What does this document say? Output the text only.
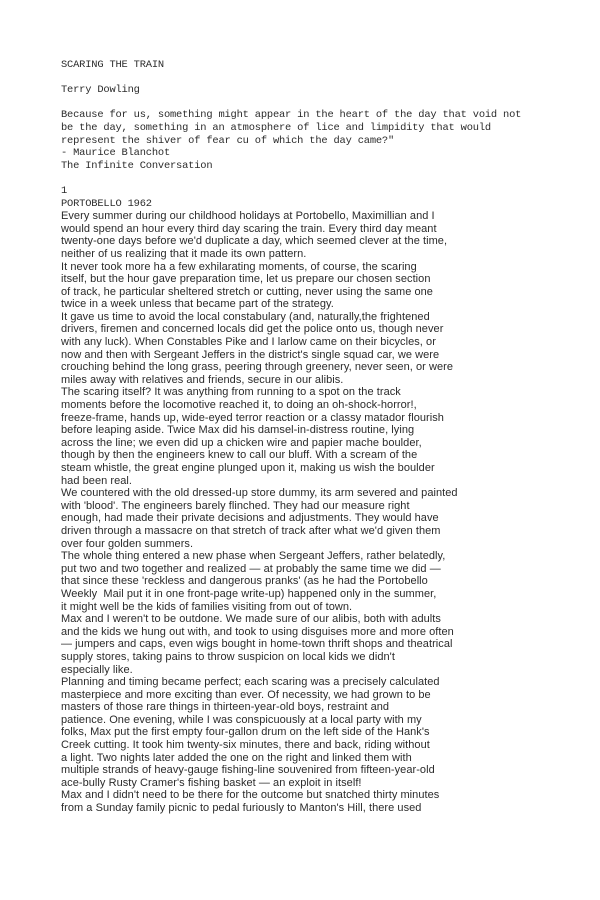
SCARING THE TRAIN
Terry Dowling
Because for us, something might appear in the heart of the day that void not
be the day, something in an atmosphere of lice and limpidity that would
represent the shiver of fear cu of which the day came?"
- Maurice Blanchot
The Infinite Conversation
1
PORTOBELLO 1962
Every summer during our childhood holidays at Portobello, Maximillian and I
would spend an hour every third day scaring the train. Every third day meant
twenty-one days before we'd duplicate a day, which seemed clever at the time,
neither of us realizing that it made its own pattern.
It never took more ha a few exhilarating moments, of course, the scaring
itself, but the hour gave preparation time, let us prepare our chosen section
of track, he particular sheltered stretch or cutting, never using the same one
twice in a week unless that became part of the strategy.
It gave us time to avoid the local constabulary (and, naturally,the frightened
drivers, firemen and concerned locals did get the police onto us, though never
with any luck). When Constables Pike and I larlow came on their bicycles, or
now and then with Sergeant Jeffers in the district's single squad car, we were
crouching behind the long grass, peering through greenery, never seen, or were
miles away with relatives and friends, secure in our alibis.
The scaring itself? It was anything from running to a spot on the track
moments before the locomotive reached it, to doing an oh-shock-horror!,
freeze-frame, hands up, wide-eyed terror reaction or a classy matador flourish
before leaping aside. Twice Max did his damsel-in-distress routine, lying
across the line; we even did up a chicken wire and papier mache boulder,
though by then the engineers knew to call our bluff. With a scream of the
steam whistle, the great engine plunged upon it, making us wish the boulder
had been real.
We countered with the old dressed-up store dummy, its arm severed and painted
with 'blood'. The engineers barely flinched. They had our measure right
enough, had made their private decisions and adjustments. They would have
driven through a massacre on that stretch of track after what we'd given them
over four golden summers.
The whole thing entered a new phase when Sergeant Jeffers, rather belatedly,
put two and two together and realized — at probably the same time we did —
that since these 'reckless and dangerous pranks' (as he had the Portobello
Weekly  Mail put it in one front-page write-up) happened only in the summer,
it might well be the kids of families visiting from out of town.
Max and I weren't to be outdone. We made sure of our alibis, both with adults
and the kids we hung out with, and took to using disguises more and more often
— jumpers and caps, even wigs bought in home-town thrift shops and theatrical
supply stores, taking pains to throw suspicion on local kids we didn't
especially like.
Planning and timing became perfect; each scaring was a precisely calculated
masterpiece and more exciting than ever. Of necessity, we had grown to be
masters of those rare things in thirteen-year-old boys, restraint and
patience. One evening, while I was conspicuously at a local party with my
folks, Max put the first empty four-gallon drum on the left side of the Hank's
Creek cutting. It took him twenty-six minutes, there and back, riding without
a light. Two nights later added the one on the right and linked them with
multiple strands of heavy-gauge fishing-line souvenired from fifteen-year-old
ace-bully Rusty Cramer's fishing basket — an exploit in itself!
Max and I didn't need to be there for the outcome but snatched thirty minutes
from a Sunday family picnic to pedal furiously to Manton's Hill, there used
